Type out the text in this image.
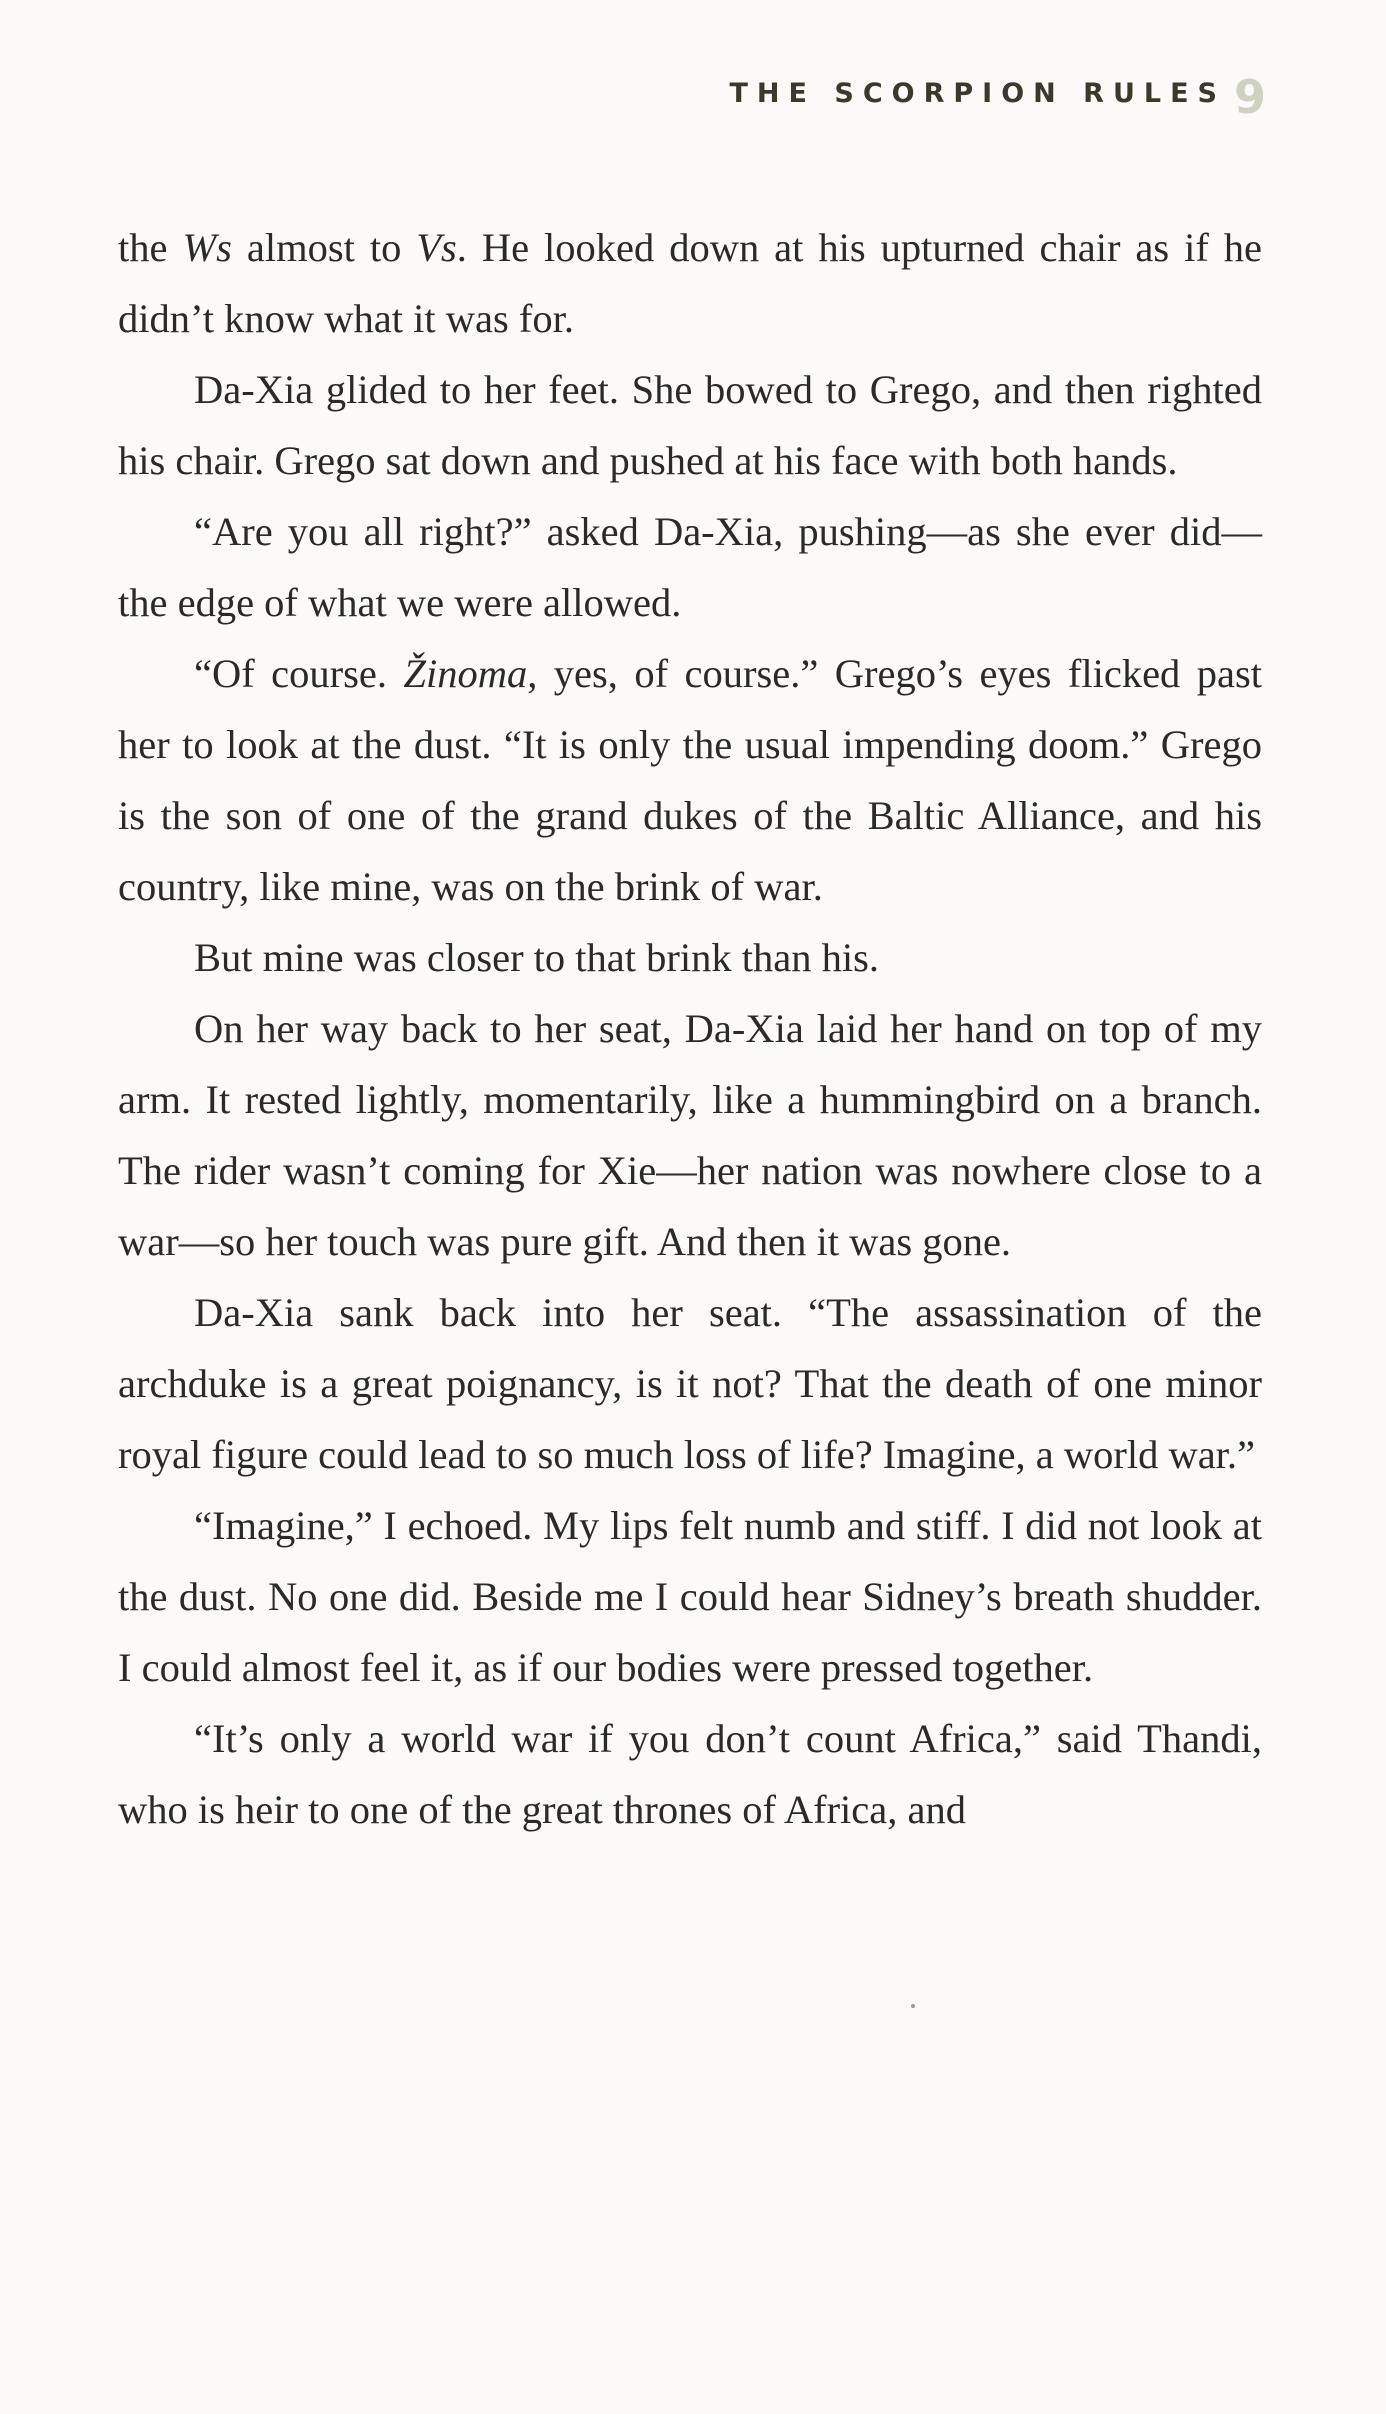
THE SCORPION RULES 9

the Ws almost to Vs. He looked down at his upturned chair as if he didn’t know what it was for.

Da-Xia glided to her feet. She bowed to Grego, and then righted his chair. Grego sat down and pushed at his face with both hands.

“Are you all right?” asked Da-Xia, pushing—as she ever did—the edge of what we were allowed.

“Of course. Žinoma, yes, of course.” Grego’s eyes flicked past her to look at the dust. “It is only the usual impending doom.” Grego is the son of one of the grand dukes of the Baltic Alliance, and his country, like mine, was on the brink of war.

But mine was closer to that brink than his.

On her way back to her seat, Da-Xia laid her hand on top of my arm. It rested lightly, momentarily, like a hummingbird on a branch. The rider wasn’t coming for Xie—her nation was nowhere close to a war—so her touch was pure gift. And then it was gone.

Da-Xia sank back into her seat. “The assassination of the archduke is a great poignancy, is it not? That the death of one minor royal figure could lead to so much loss of life? Imagine, a world war.”

“Imagine,” I echoed. My lips felt numb and stiff. I did not look at the dust. No one did. Beside me I could hear Sidney’s breath shudder. I could almost feel it, as if our bodies were pressed together.

“It’s only a world war if you don’t count Africa,” said Thandi, who is heir to one of the great thrones of Africa, and
